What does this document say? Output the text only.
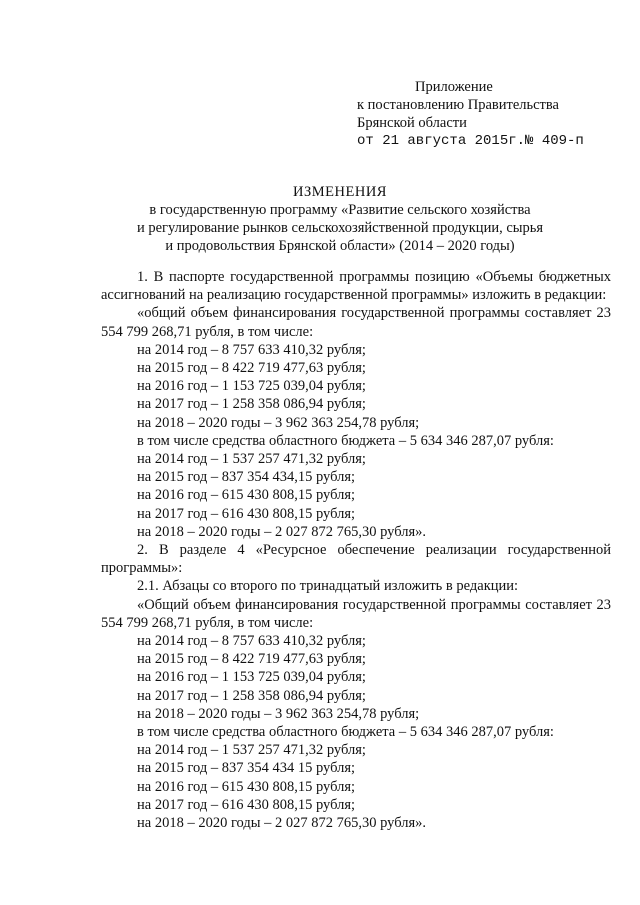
Приложение
к постановлению Правительства
Брянской области
от 21 августа 2015г.№ 409-п
ИЗМЕНЕНИЯ
в государственную программу «Развитие сельского хозяйства
и регулирование рынков сельскохозяйственной продукции, сырья
и продовольствия Брянской области» (2014 – 2020 годы)

1. В паспорте государственной программы позицию «Объемы бюджетных ассигнований на реализацию государственной программы» изложить в редакции:

«общий объем финансирования государственной программы составляет 23 554 799 268,71 рубля, в том числе:

на 2014 год – 8 757 633 410,32 рубля;
на 2015 год – 8 422 719 477,63 рубля;
на 2016 год – 1 153 725 039,04 рубля;
на 2017 год – 1 258 358 086,94 рубля;
на 2018 – 2020 годы – 3 962 363 254,78 рубля;
в том числе средства областного бюджета – 5 634 346 287,07 рубля:
на 2014 год – 1 537 257 471,32 рубля;
на 2015 год – 837 354 434,15 рубля;
на 2016 год – 615 430 808,15 рубля;
на 2017 год – 616 430 808,15 рубля;
на 2018 – 2020 годы – 2 027 872 765,30 рубля».

2. В разделе 4 «Ресурсное обеспечение реализации государственной программы»:

2.1. Абзацы со второго по тринадцатый изложить в редакции:

«Общий объем финансирования государственной программы составляет 23 554 799 268,71 рубля, в том числе:

на 2014 год – 8 757 633 410,32 рубля;
на 2015 год – 8 422 719 477,63 рубля;
на 2016 год – 1 153 725 039,04 рубля;
на 2017 год – 1 258 358 086,94 рубля;
на 2018 – 2020 годы – 3 962 363 254,78 рубля;
в том числе средства областного бюджета – 5 634 346 287,07 рубля:
на 2014 год – 1 537 257 471,32 рубля;
на 2015 год – 837 354 434 15 рубля;
на 2016 год – 615 430 808,15 рубля;
на 2017 год – 616 430 808,15 рубля;
на 2018 – 2020 годы – 2 027 872 765,30 рубля».
